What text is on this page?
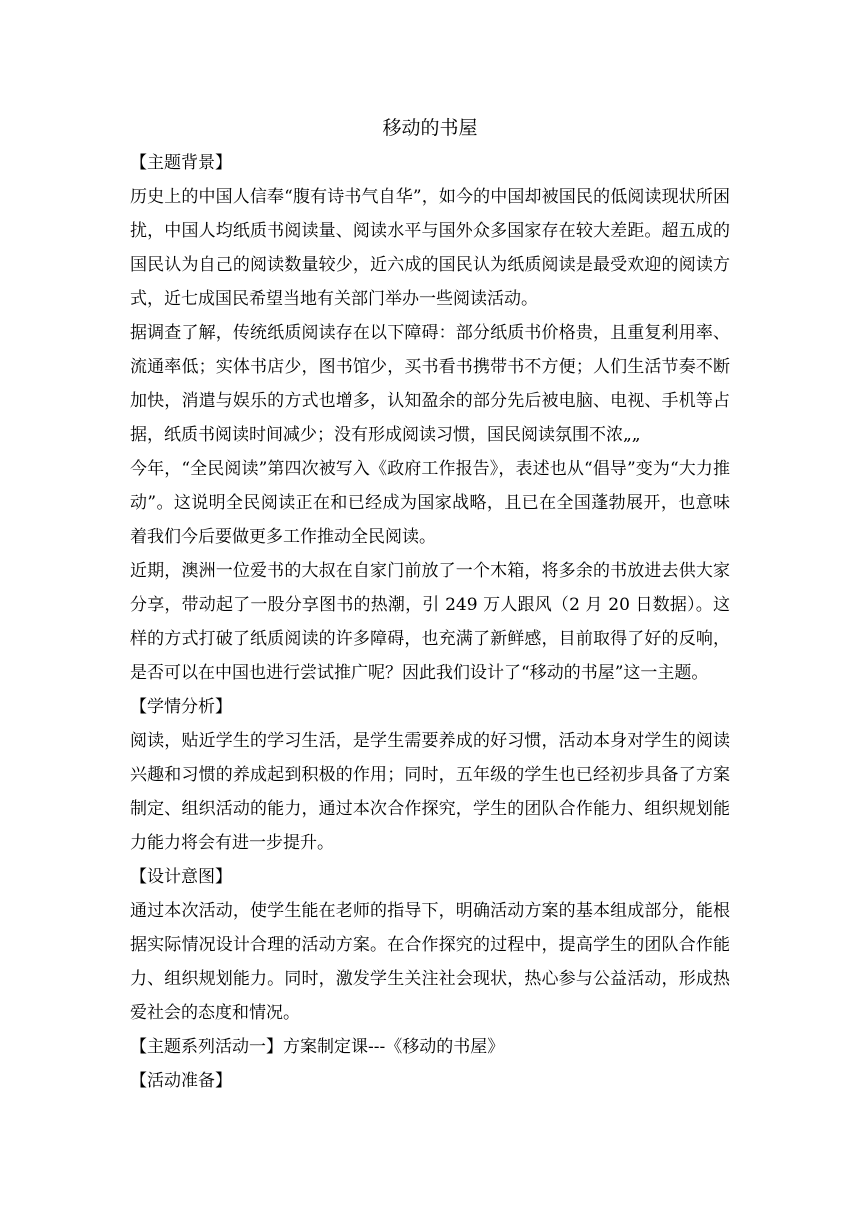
移动的书屋

【主题背景】

历史上的中国人信奉“腹有诗书气自华”，如今的中国却被国民的低阅读现状所困扰，中国人均纸质书阅读量、阅读水平与国外众多国家存在较大差距。超五成的国民认为自己的阅读数量较少，近六成的国民认为纸质阅读是最受欢迎的阅读方式，近七成国民希望当地有关部门举办一些阅读活动。

据调查了解，传统纸质阅读存在以下障碍：部分纸质书价格贵，且重复利用率、流通率低；实体书店少，图书馆少，买书看书携带书不方便；人们生活节奏不断加快，消遣与娱乐的方式也增多，认知盈余的部分先后被电脑、电视、手机等占据，纸质书阅读时间减少；没有形成阅读习惯，国民阅读氛围不浓„„

今年，“全民阅读”第四次被写入《政府工作报告》，表述也从“倡导”变为“大力推动”。这说明全民阅读正在和已经成为国家战略，且已在全国蓬勃展开，也意味着我们今后要做更多工作推动全民阅读。

近期，澳洲一位爱书的大叔在自家门前放了一个木箱，将多余的书放进去供大家分享，带动起了一股分享图书的热潮，引 249 万人跟风（2 月 20 日数据）。这样的方式打破了纸质阅读的许多障碍，也充满了新鲜感，目前取得了好的反响，是否可以在中国也进行尝试推广呢？因此我们设计了“移动的书屋”这一主题。

【学情分析】

阅读，贴近学生的学习生活，是学生需要养成的好习惯，活动本身对学生的阅读兴趣和习惯的养成起到积极的作用；同时，五年级的学生也已经初步具备了方案制定、组织活动的能力，通过本次合作探究，学生的团队合作能力、组织规划能力能力将会有进一步提升。

【设计意图】

通过本次活动，使学生能在老师的指导下，明确活动方案的基本组成部分，能根据实际情况设计合理的活动方案。在合作探究的过程中，提高学生的团队合作能力、组织规划能力。同时，激发学生关注社会现状，热心参与公益活动，形成热爱社会的态度和情况。

【主题系列活动一】方案制定课---《移动的书屋》

【活动准备】
